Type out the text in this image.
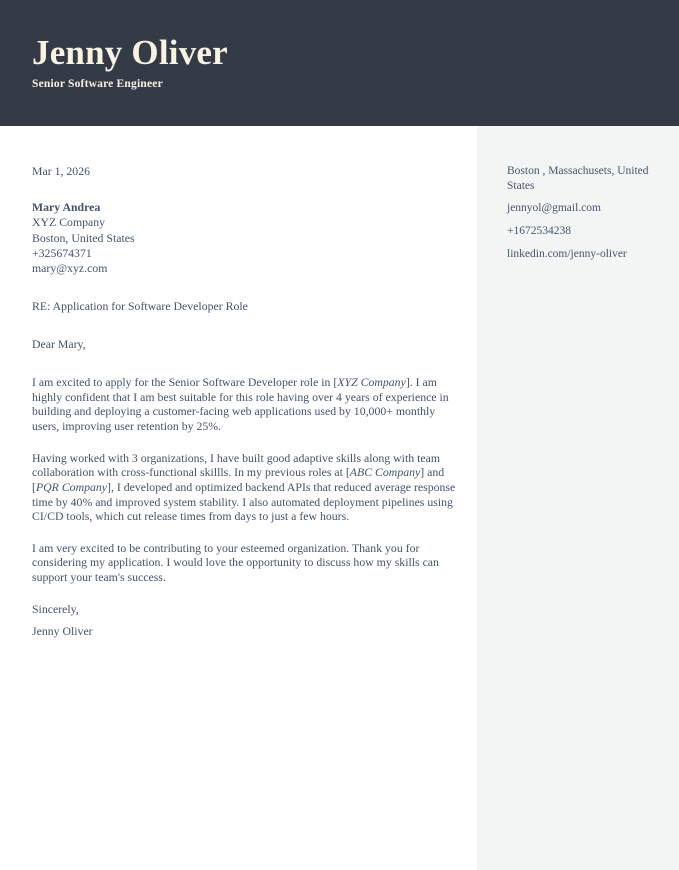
Jenny Oliver
Senior Software Engineer
Mar 1, 2026
Mary Andrea
XYZ Company
Boston, United States
+325674371
mary@xyz.com
RE: Application for Software Developer Role
Dear Mary,

I am excited to apply for the Senior Software Developer role in [XYZ Company]. I am highly confident that I am best suitable for this role having over 4 years of experience in building and deploying a customer-facing web applications used by 10,000+ monthly users, improving user retention by 25%.

Having worked with 3 organizations, I have built good adaptive skills along with team collaboration with cross-functional skillls. In my previous roles at [ABC Company] and [PQR Company], I developed and optimized backend APIs that reduced average response time by 40% and improved system stability. I also automated deployment pipelines using CI/CD tools, which cut release times from days to just a few hours.

I am very excited to be contributing to your esteemed organization. Thank you for considering my application. I would love the opportunity to discuss how my skills can support your team's success.

Sincerely,
Jenny Oliver
Boston , Massachusets, United States
jennyol@gmail.com
+1672534238
linkedin.com/jenny-oliver
